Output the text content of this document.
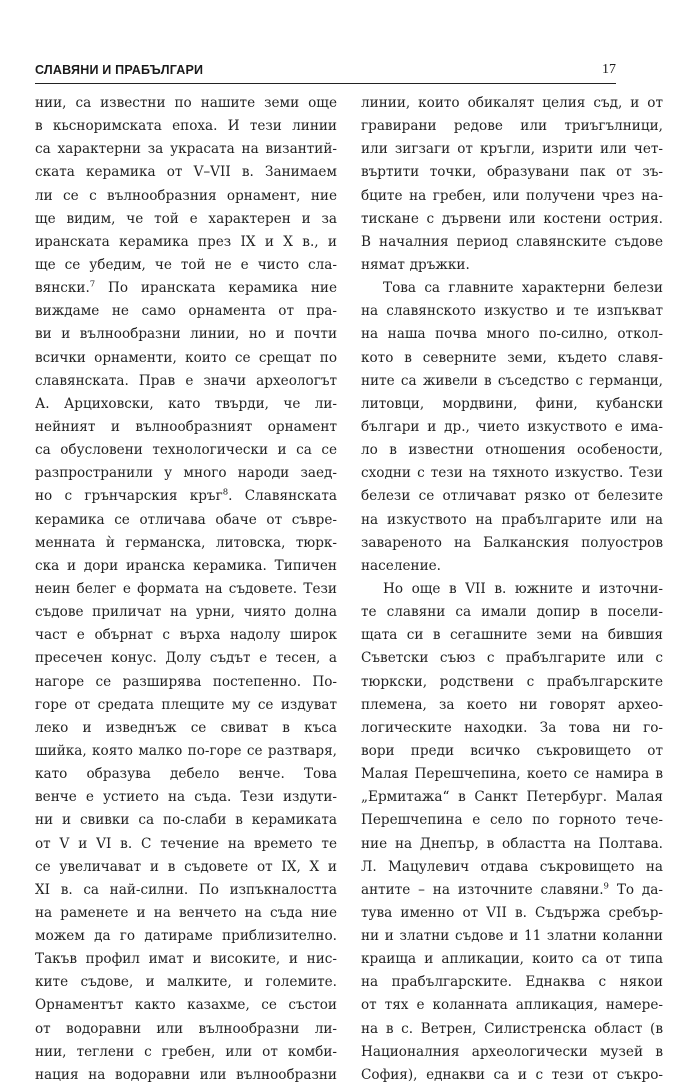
СЛАВЯНИ И ПРАБЪЛГАРИ	17
нии, са известни по нашите земи още
в кьсноримската епоха. И тези линии
са характерни за украсата на византий-
ската керамика от V–VII в. Занимаем
ли се с вълнообразния орнамент, ние
ще видим, че той е характерен и за
иранската керамика през IX и X в., и
ще се убедим, че той не е чисто сла-
вянски.$^7$ По иранската керамика ние
виждаме не само орнамента от пра-
ви и вълнообразни линии, но и почти
всички орнаменти, които се срещат по
славянската. Прав е значи археологът
А. Арциховски, като твърди, че ли-
нейният и вълнообразният орнамент
са обусловени технологически и са се
разпространили у много народи заед-
но с грънчарския кръг$^8$. Славянската
керамика се отличава обаче от съвре-
менната ѝ германска, литовска, тюрк-
ска и дори иранска керамика. Типичен
неин белег е формата на съдовете. Тези
съдове приличат на урни, чиято долна
част е обърнат с върха надолу широк
пресечен конус. Долу съдът е тесен, а
нагоре се разширява постепенно. По-
горе от средата плещите му се издуват
леко и изведнъж се свиват в къса
шийка, която малко по-горе се разтваря,
като образува дебело венче. Това
венче е устието на съда. Тези издути-
ни и свивки са по-слаби в керамиката
от V и VI в. С течение на времето те
се увеличават и в съдовете от IX, X и
XI в. са най-силни. По изпъкналостта
на раменете и на венчето на съда ние
можем да го датираме приблизително.
Такъв профил имат и високите, и нис-
ките съдове, и малките, и големите.
Орнаментът както казахме, се състои
от водоравни или вълнообразни ли-
нии, теглени с гребен, или от комби-
нация на водоравни или вълнообразни
линии, които обикалят целия съд, и от
гравирани редове или триъгълници,
или зигзаги от кръгли, изрити или чет-
въртити точки, образувани пак от зъ-
бците на гребен, или получени чрез на-
тискане с дървени или костени острия.
В началния период славянските съдове
нямат дръжки.
Това са главните характерни белези
на славянското изкуство и те изпъкват
на наша почва много по-силно, откол-
кото в северните земи, където славя-
ните са живели в съседство с германци,
литовци, мордвини, фини, кубански
българи и др., чието изкуството е има-
ло в известни отношения особености,
сходни с тези на тяхното изкуство. Тези
белези се отличават рязко от белезите
на изкуството на прабългарите или на
завареното на Балканския полуостров
население.
Но още в VII в. южните и източни-
те славяни са имали допир в посели-
щата си в сегашните земи на бившия
Съветски съюз с прабългарите или с
тюркски, родствени с прабългарските
племена, за което ни говорят архео-
логическите находки. За това ни го-
вори преди всичко съкровището от
Малая Перешчепина, което се намира в
„Ермитажа“ в Санкт Петербург. Малая
Перешчепина е село по горното тече-
ние на Днепър, в областта на Полтава.
Л. Мацулевич отдава съкровището на
антите – на източните славяни.$^9$ То да-
тува именно от VII в. Съдържа сребър-
ни и златни съдове и 11 златни коланни
краища и апликации, които са от типа
на прабългарските. Еднаква с някои
от тях е коланната апликация, намере-
на в с. Ветрен, Силистренска област (в
Националния археологически музей в
София), еднакви са и с тези от съкро-
